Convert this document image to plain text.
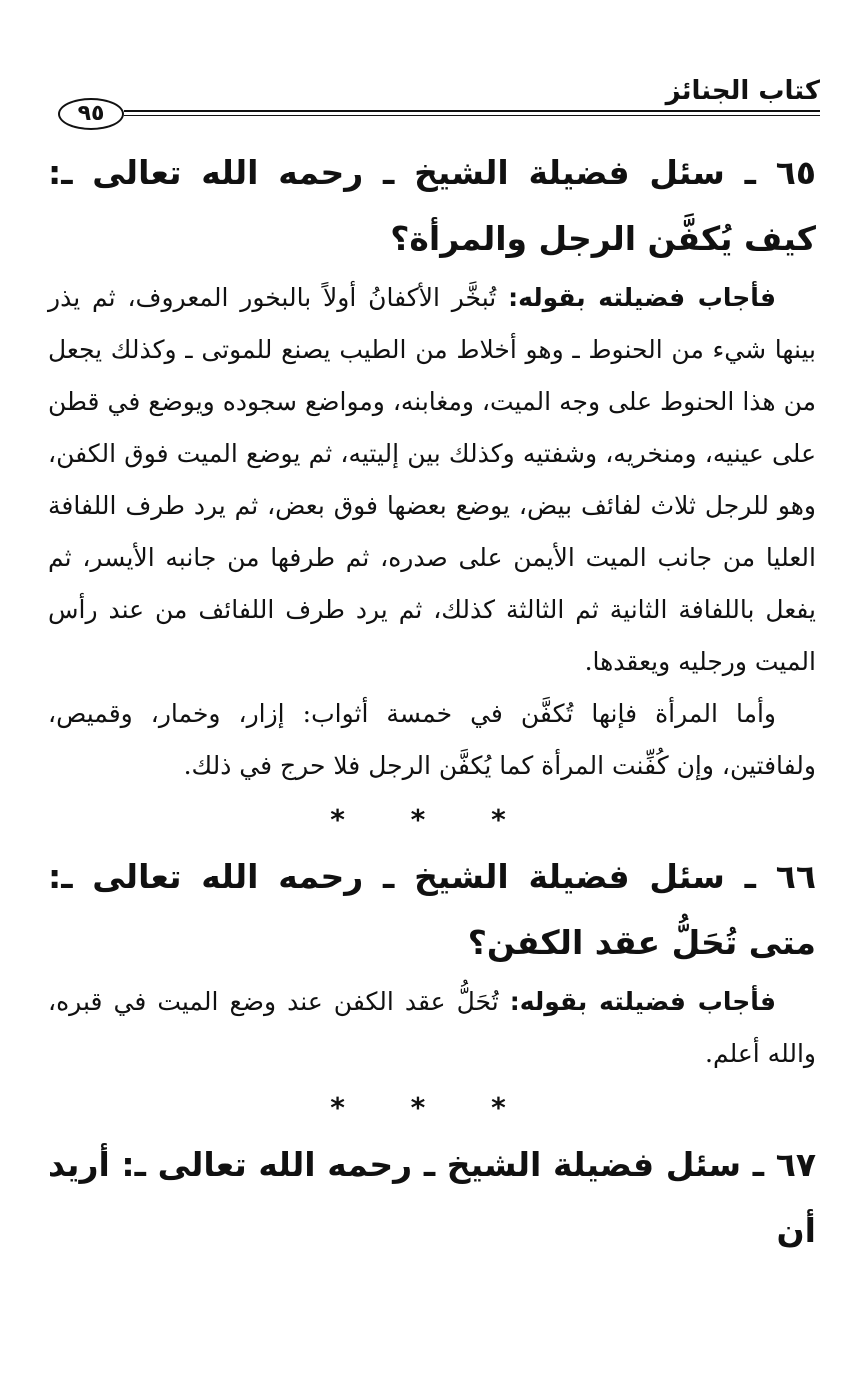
كتاب الجنائز
٩٥

٦٥ ـ سئل فضيلة الشيخ ـ رحمه الله تعالى ـ: كيف يُكفَّن الرجل والمرأة؟

فأجاب فضيلته بقوله: تُبخَّر الأكفانُ أولاً بالبخور المعروف، ثم يذر بينها شيء من الحنوط ـ وهو أخلاط من الطيب يصنع للموتى ـ وكذلك يجعل من هذا الحنوط على وجه الميت، ومغابنه، ومواضع سجوده ويوضع في قطن على عينيه، ومنخريه، وشفتيه وكذلك بين إليتيه، ثم يوضع الميت فوق الكفن، وهو للرجل ثلاث لفائف بيض، يوضع بعضها فوق بعض، ثم يرد طرف اللفافة العليا من جانب الميت الأيمن على صدره، ثم طرفها من جانبه الأيسر، ثم يفعل باللفافة الثانية ثم الثالثة كذلك، ثم يرد طرف اللفائف من عند رأس الميت ورجليه ويعقدها.

وأما المرأة فإنها تُكفَّن في خمسة أثواب: إزار، وخمار، وقميص، ولفافتين، وإن كُفِّنت المرأة كما يُكفَّن الرجل فلا حرج في ذلك.

* * *

٦٦ ـ سئل فضيلة الشيخ ـ رحمه الله تعالى ـ: متى تُحَلُّ عقد الكفن؟

فأجاب فضيلته بقوله: تُحَلُّ عقد الكفن عند وضع الميت في قبره، والله أعلم.

* * *

٦٧ ـ سئل فضيلة الشيخ ـ رحمه الله تعالى ـ: أريد أن
